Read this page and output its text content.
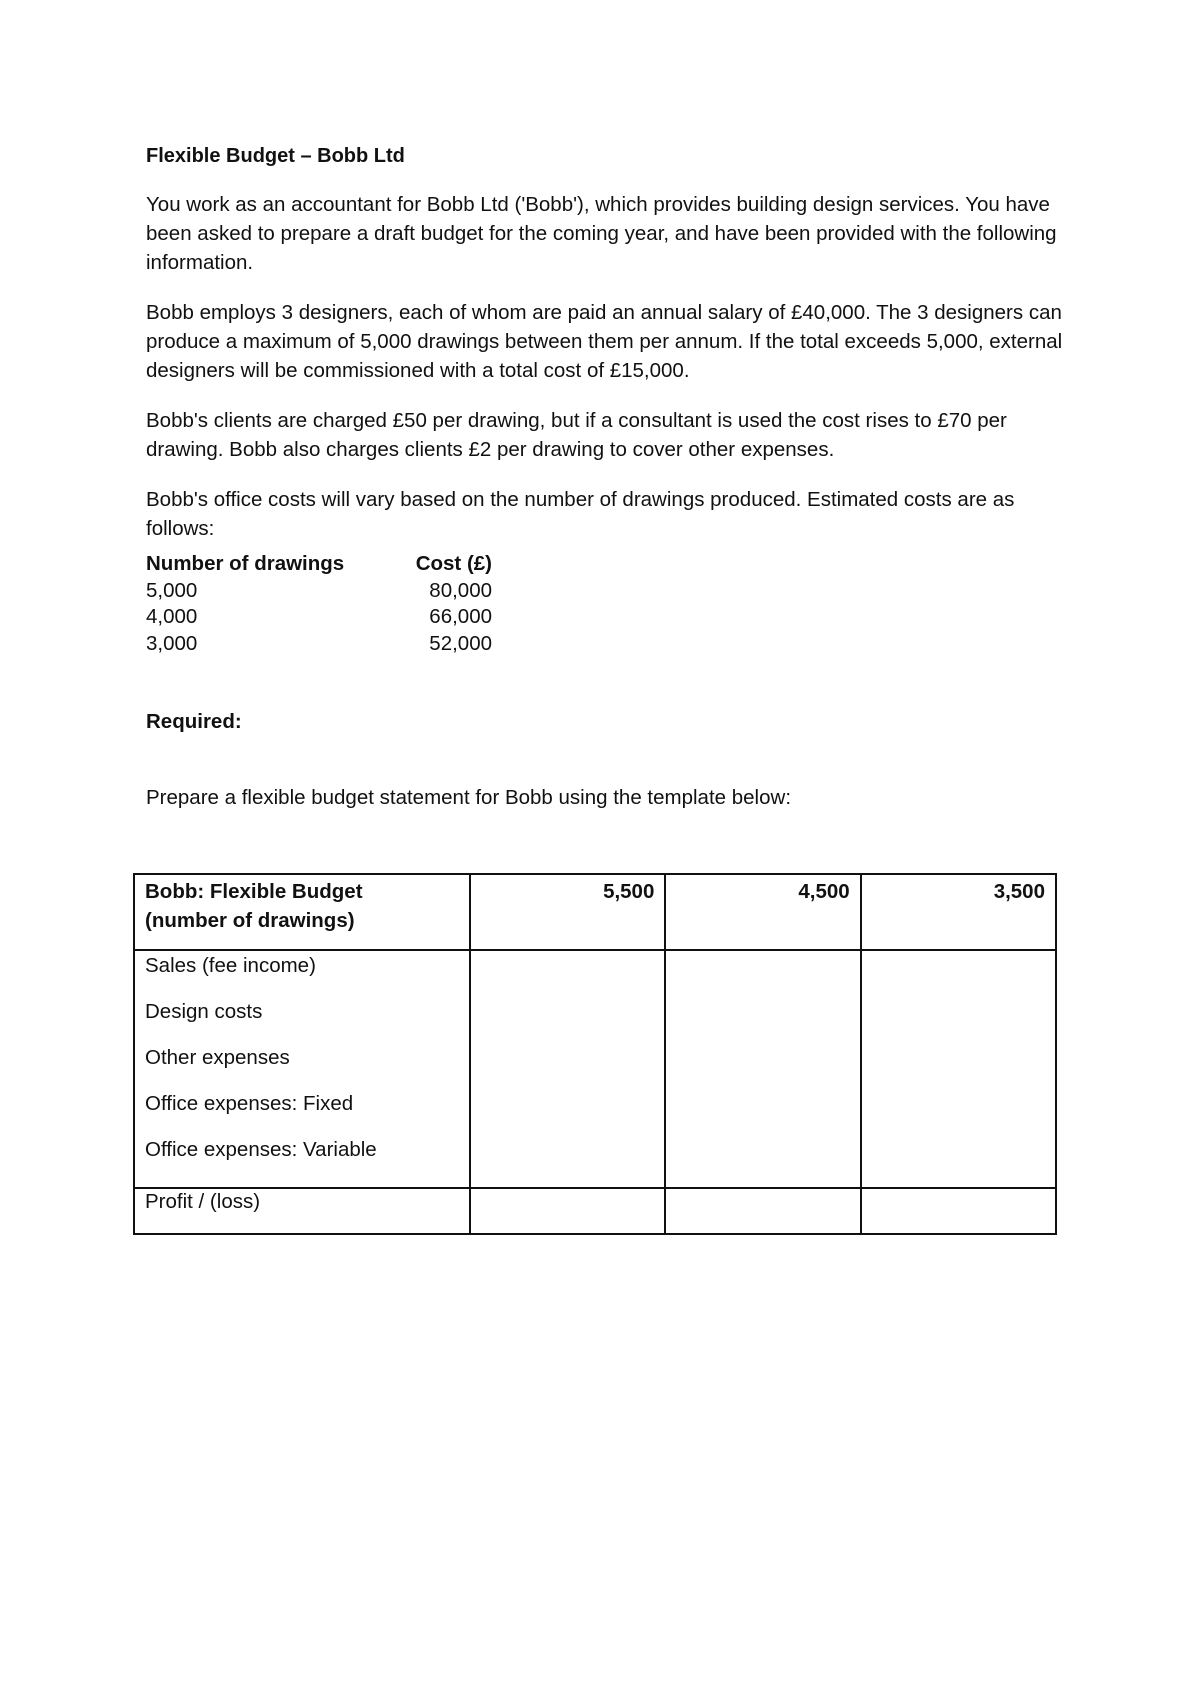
Flexible Budget – Bobb Ltd

You work as an accountant for Bobb Ltd ('Bobb'), which provides building design services. You have been asked to prepare a draft budget for the coming year, and have been provided with the following information.

Bobb employs 3 designers, each of whom are paid an annual salary of £40,000. The 3 designers can produce a maximum of 5,000 drawings between them per annum. If the total exceeds 5,000, external designers will be commissioned with a total cost of £15,000.

Bobb's clients are charged £50 per drawing, but if a consultant is used the cost rises to £70 per drawing. Bobb also charges clients £2 per drawing to cover other expenses.

Bobb's office costs will vary based on the number of drawings produced. Estimated costs are as follows:

Number of drawings	Cost (£)
5,000	80,000
4,000	66,000
3,000	52,000
Required:
Prepare a flexible budget statement for Bobb using the template below:
Bobb: Flexible Budget
(number of drawings)	5,500	4,500	3,500

Sales (fee income)
Design costs
Other expenses
Office expenses: Fixed
Office expenses: Variable			

Profit / (loss)			
